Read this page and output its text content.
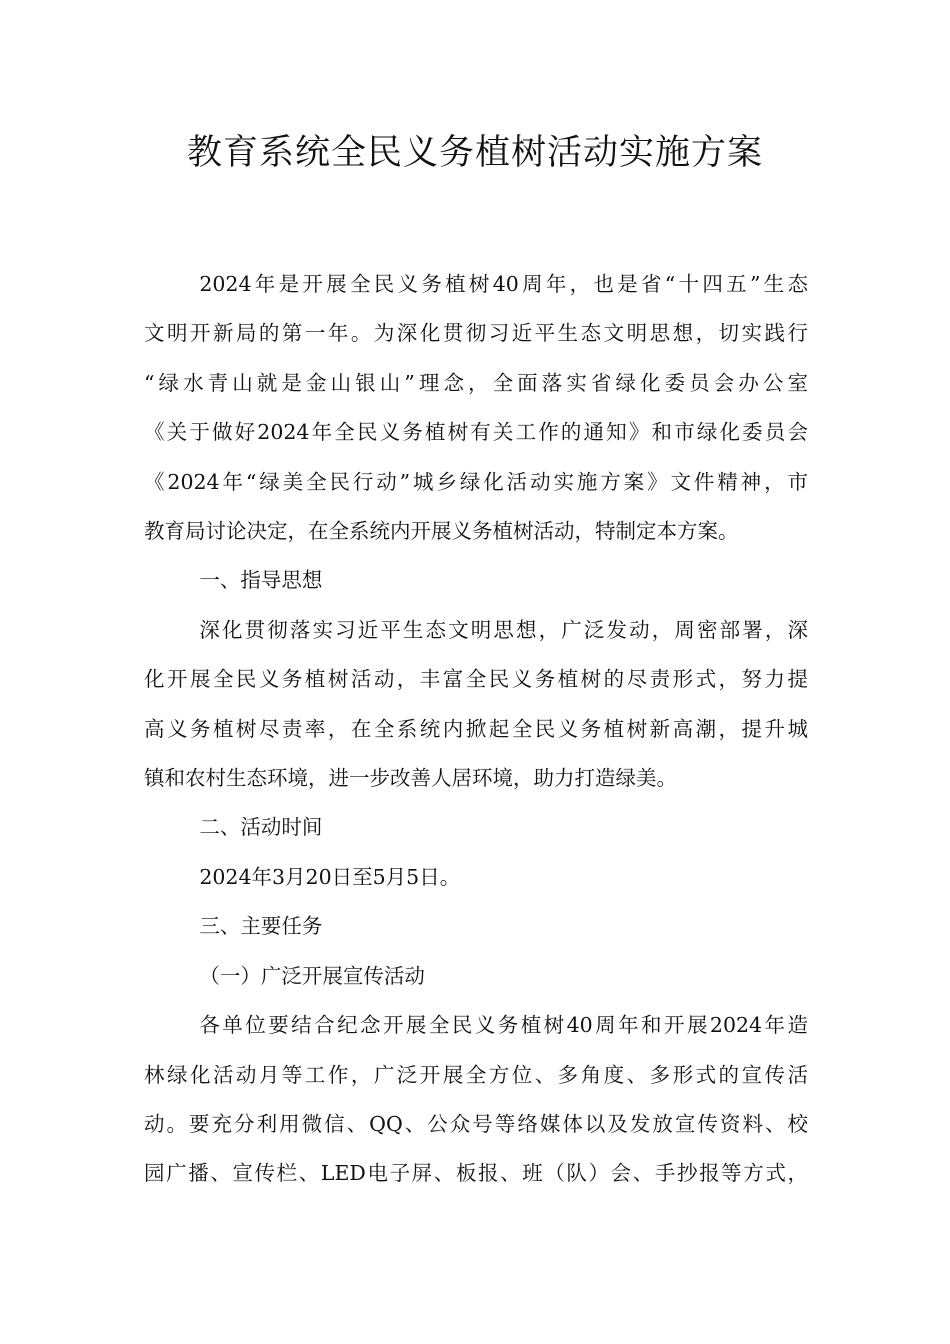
教育系统全民义务植树活动实施方案
2024年是开展全民义务植树40周年，也是省“十四五”生态
文明开新局的第一年。为深化贯彻习近平生态文明思想，切实践行
“绿水青山就是金山银山”理念，全面落实省绿化委员会办公室
《关于做好2024年全民义务植树有关工作的通知》和市绿化委员会
《2024年“绿美全民行动”城乡绿化活动实施方案》文件精神，市
教育局讨论决定，在全系统内开展义务植树活动，特制定本方案。
一、指导思想
深化贯彻落实习近平生态文明思想，广泛发动，周密部署，深
化开展全民义务植树活动，丰富全民义务植树的尽责形式，努力提
高义务植树尽责率，在全系统内掀起全民义务植树新高潮，提升城
镇和农村生态环境，进一步改善人居环境，助力打造绿美。
二、活动时间
2024年3月20日至5月5日。
三、主要任务
（一）广泛开展宣传活动
各单位要结合纪念开展全民义务植树40周年和开展2024年造
林绿化活动月等工作，广泛开展全方位、多角度、多形式的宣传活
动。要充分利用微信、QQ、公众号等络媒体以及发放宣传资料、校
园广播、宣传栏、LED电子屏、板报、班（队）会、手抄报等方式，
